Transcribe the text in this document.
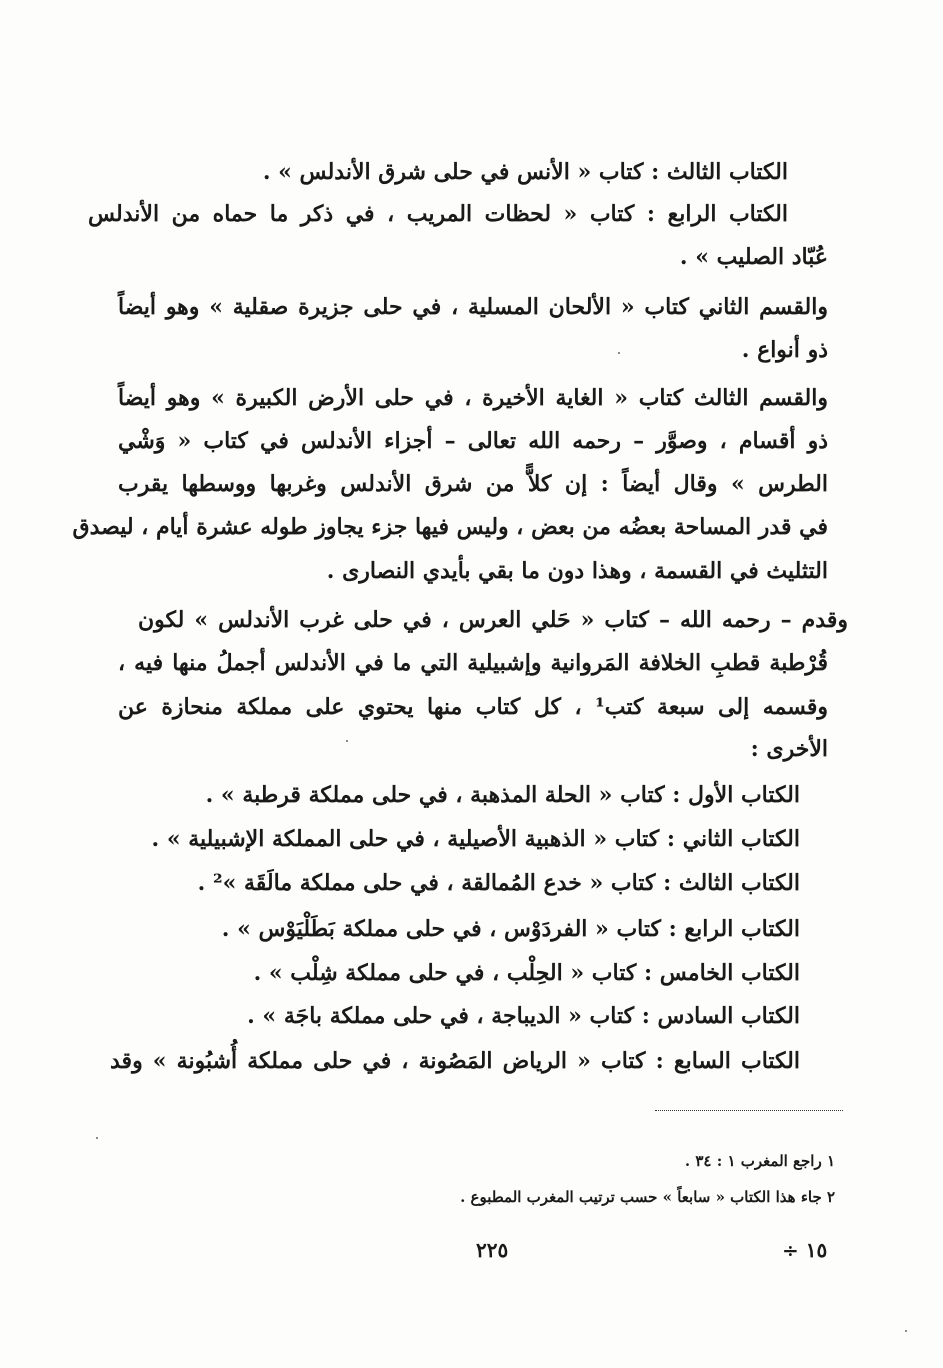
الكتاب الثالث : كتاب « الأنس في حلى شرق الأندلس » .
الكتاب الرابع : كتاب « لحظات المريب ، في ذكر ما حماه من الأندلس
عُبّاد الصليب » .
والقسم الثاني كتاب « الألحان المسلية ، في حلى جزيرة صقلية » وهو أيضاً
ذو أنواع .
والقسم الثالث كتاب « الغاية الأخيرة ، في حلى الأرض الكبيرة » وهو أيضاً
ذو أقسام ، وصوَّر – رحمه الله تعالى – أجزاء الأندلس في كتاب « وَشْي
الطرس » وقال أيضاً : إن كلاًّ من شرق الأندلس وغربها ووسطها يقرب
في قدر المساحة بعضُه من بعض ، وليس فيها جزء يجاوز طوله عشرة أيام ، ليصدق
التثليث في القسمة ، وهذا دون ما بقي بأيدي النصارى .
وقدم – رحمه الله – كتاب « حَلي العرس ، في حلى غرب الأندلس » لكون
قُرْطبة قطبِ الخلافة المَروانية وإشبيلية التي ما في الأندلس أجملُ منها فيه ،
وقسمه إلى سبعة كتب¹ ، كل كتاب منها يحتوي على مملكة منحازة عن
الأخرى :
الكتاب الأول : كتاب « الحلة المذهبة ، في حلى مملكة قرطبة » .
الكتاب الثاني : كتاب « الذهبية الأصيلية ، في حلى المملكة الإشبيلية » .
الكتاب الثالث : كتاب « خدع المُمالقة ، في حلى مملكة مالَقَة »² .
الكتاب الرابع : كتاب « الفردَوْس ، في حلى مملكة بَطَلْيَوْس » .
الكتاب الخامس : كتاب « الحِلْب ، في حلى مملكة شِلْب » .
الكتاب السادس : كتاب « الديباجة ، في حلى مملكة باجَة » .
الكتاب السابع : كتاب « الرياض المَصُونة ، في حلى مملكة أُشبُونة » وقد
١ راجع المغرب ١ : ٣٤ .
٢ جاء هذا الكتاب « سابعاً » حسب ترتيب المغرب المطبوع .
٢٢٥	١٥ ÷
